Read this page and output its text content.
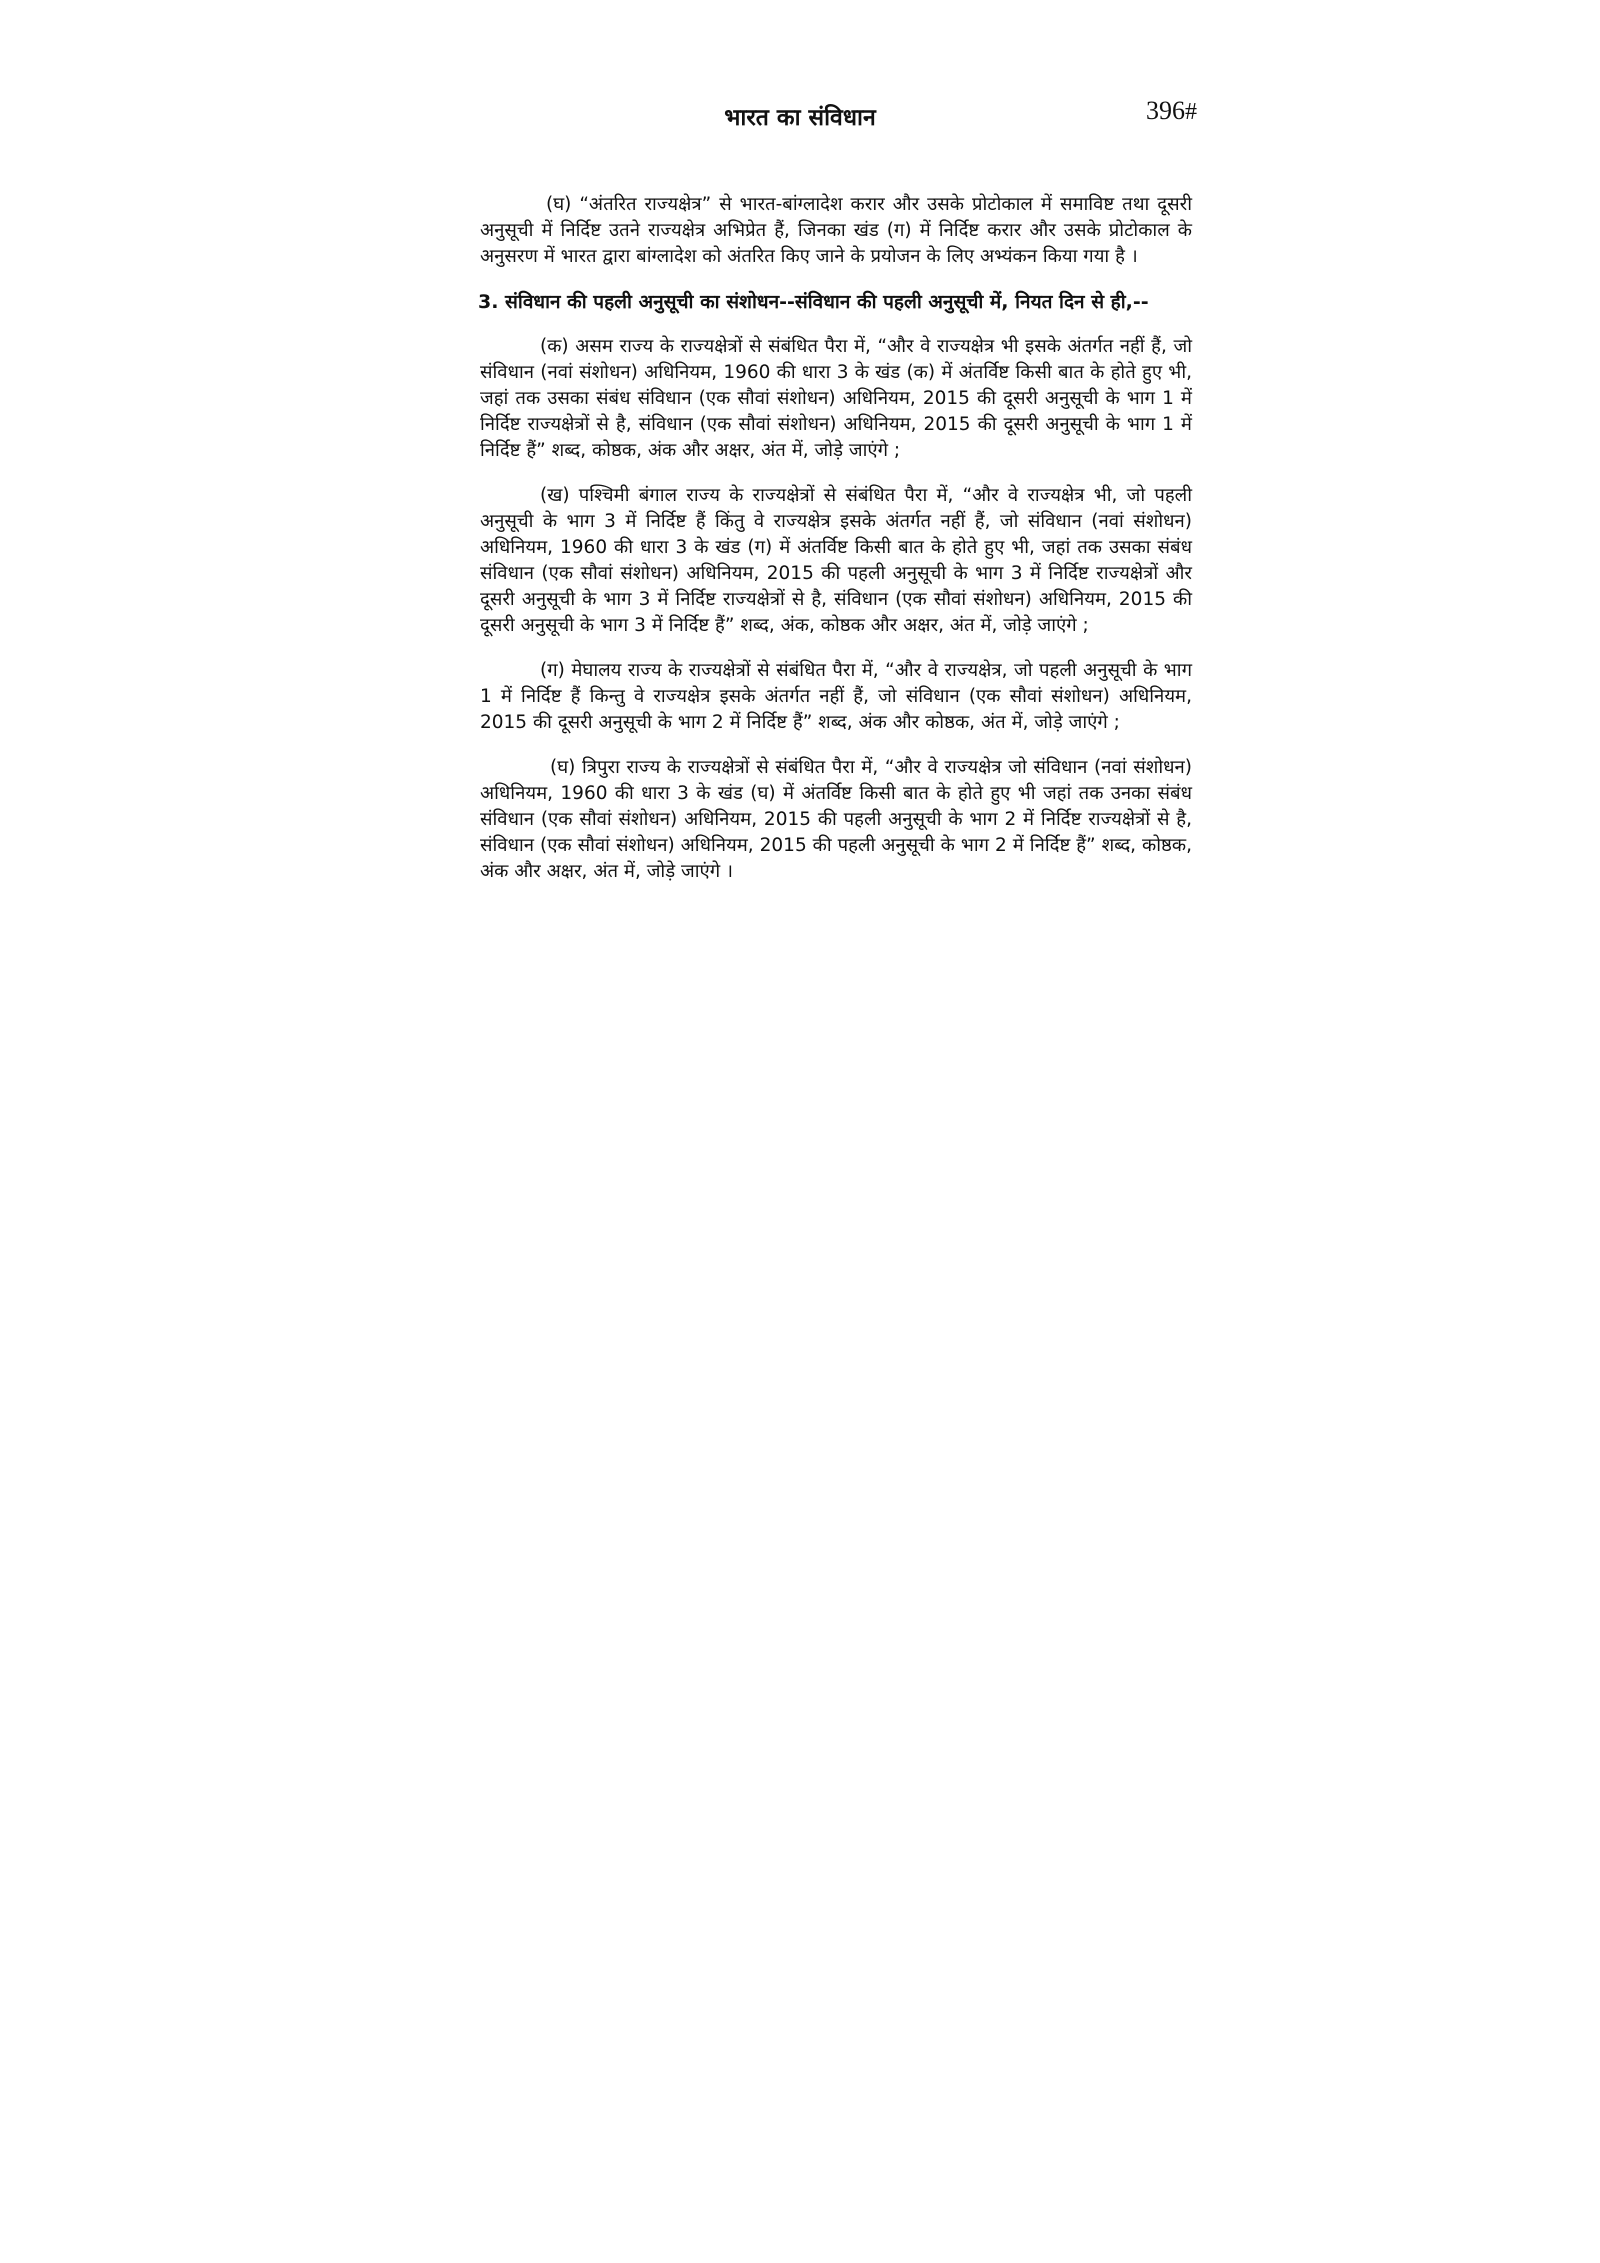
भारत का संविधान	396#

(घ) “अंतरित राज्यक्षेत्र” से भारत-बांग्लादेश करार और उसके प्रोटोकाल में समाविष्ट तथा दूसरी अनुसूची में निर्दिष्ट उतने राज्यक्षेत्र अभिप्रेत हैं, जिनका खंड (ग) में निर्दिष्ट करार और उसके प्रोटोकाल के अनुसरण में भारत द्वारा बांग्लादेश को अंतरित किए जाने के प्रयोजन के लिए अभ्यंकन किया गया है ।

3. संविधान की पहली अनुसूची का संशोधन--संविधान की पहली अनुसूची में, नियत दिन से ही,--

(क) असम राज्य के राज्यक्षेत्रों से संबंधित पैरा में, “और वे राज्यक्षेत्र भी इसके अंतर्गत नहीं हैं, जो संविधान (नवां संशोधन) अधिनियम, 1960 की धारा 3 के खंड (क) में अंतर्विष्ट किसी बात के होते हुए भी, जहां तक उसका संबंध संविधान (एक सौवां संशोधन) अधिनियम, 2015 की दूसरी अनुसूची के भाग 1 में निर्दिष्ट राज्यक्षेत्रों से है, संविधान (एक सौवां संशोधन) अधिनियम, 2015 की दूसरी अनुसूची के भाग 1 में निर्दिष्ट हैं” शब्द, कोष्ठक, अंक और अक्षर, अंत में, जोड़े जाएंगे ;

(ख) पश्चिमी बंगाल राज्य के राज्यक्षेत्रों से संबंधित पैरा में, “और वे राज्यक्षेत्र भी, जो पहली अनुसूची के भाग 3 में निर्दिष्ट हैं किंतु वे राज्यक्षेत्र इसके अंतर्गत नहीं हैं, जो संविधान (नवां संशोधन) अधिनियम, 1960 की धारा 3 के खंड (ग) में अंतर्विष्ट किसी बात के होते हुए भी, जहां तक उसका संबंध संविधान (एक सौवां संशोधन) अधिनियम, 2015 की पहली अनुसूची के भाग 3 में निर्दिष्ट राज्यक्षेत्रों और दूसरी अनुसूची के भाग 3 में निर्दिष्ट राज्यक्षेत्रों से है, संविधान (एक सौवां संशोधन) अधिनियम, 2015 की दूसरी अनुसूची के भाग 3 में निर्दिष्ट हैं” शब्द, अंक, कोष्ठक और अक्षर, अंत में, जोड़े जाएंगे ;

(ग) मेघालय राज्य के राज्यक्षेत्रों से संबंधित पैरा में, “और वे राज्यक्षेत्र, जो पहली अनुसूची के भाग 1 में निर्दिष्ट हैं किन्तु वे राज्यक्षेत्र इसके अंतर्गत नहीं हैं, जो संविधान (एक सौवां संशोधन) अधिनियम, 2015 की दूसरी अनुसूची के भाग 2 में निर्दिष्ट हैं” शब्द, अंक और कोष्ठक, अंत में, जोड़े जाएंगे ;

(घ) त्रिपुरा राज्य के राज्यक्षेत्रों से संबंधित पैरा में, “और वे राज्यक्षेत्र जो संविधान (नवां संशोधन) अधिनियम, 1960 की धारा 3 के खंड (घ) में अंतर्विष्ट किसी बात के होते हुए भी जहां तक उनका संबंध संविधान (एक सौवां संशोधन) अधिनियम, 2015 की पहली अनुसूची के भाग 2 में निर्दिष्ट राज्यक्षेत्रों से है, संविधान (एक सौवां संशोधन) अधिनियम, 2015 की पहली अनुसूची के भाग 2 में निर्दिष्ट हैं” शब्द, कोष्ठक, अंक और अक्षर, अंत में, जोड़े जाएंगे ।
